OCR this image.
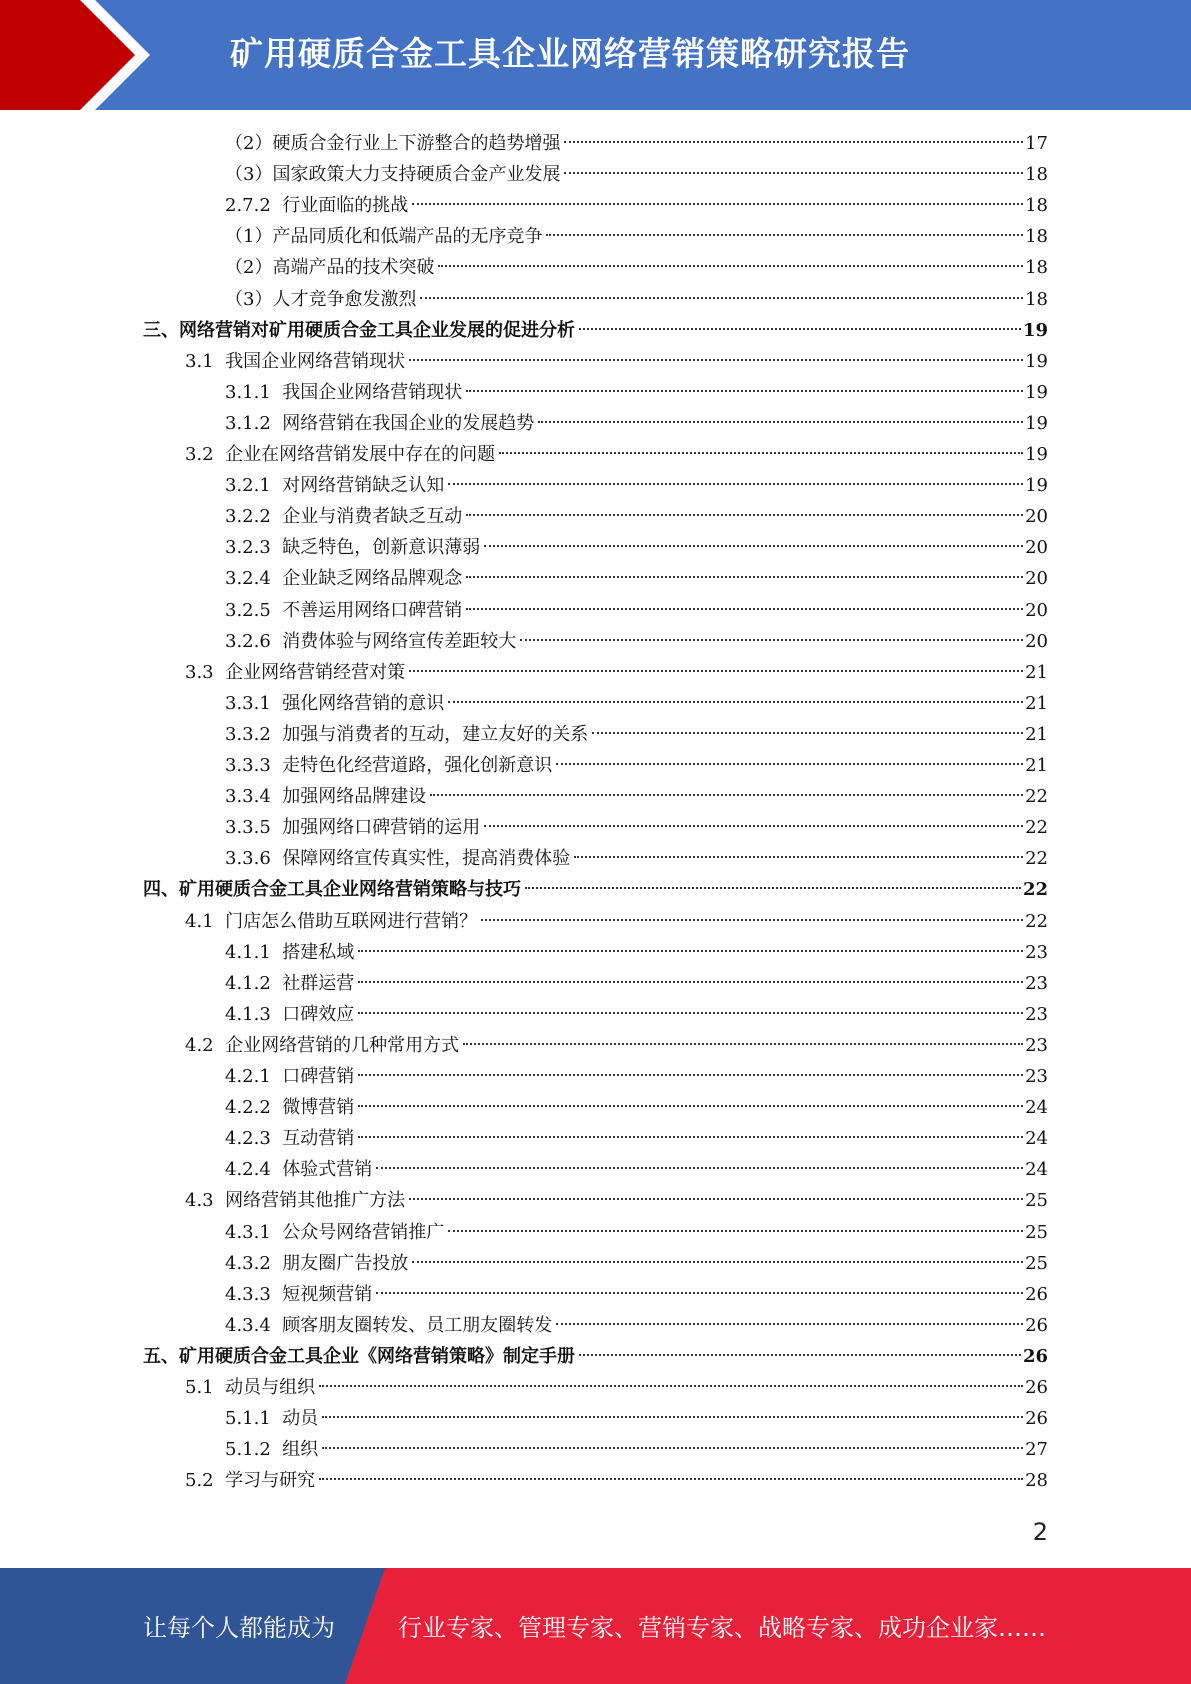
矿用硬质合金工具企业网络营销策略研究报告
（2） 硬质合金行业上下游整合的趋势增强	17
（3） 国家政策大力支持硬质合金产业发展	18
2.7.2 行业面临的挑战	18
（1） 产品同质化和低端产品的无序竞争	18
（2） 高端产品的技术突破	18
（3） 人才竞争愈发激烈	18
三、 网络营销对矿用硬质合金工具企业发展的促进分析	19
3.1 我国企业网络营销现状	19
3.1.1 我国企业网络营销现状	19
3.1.2 网络营销在我国企业的发展趋势	19
3.2 企业在网络营销发展中存在的问题	19
3.2.1 对网络营销缺乏认知	19
3.2.2 企业与消费者缺乏互动	20
3.2.3 缺乏特色，创新意识薄弱	20
3.2.4 企业缺乏网络品牌观念	20
3.2.5 不善运用网络口碑营销	20
3.2.6 消费体验与网络宣传差距较大	20
3.3 企业网络营销经营对策	21
3.3.1 强化网络营销的意识	21
3.3.2 加强与消费者的互动，建立友好的关系	21
3.3.3 走特色化经营道路，强化创新意识	21
3.3.4 加强网络品牌建设	22
3.3.5 加强网络口碑营销的运用	22
3.3.6 保障网络宣传真实性，提高消费体验	22
四、 矿用硬质合金工具企业网络营销策略与技巧	22
4.1 门店怎么借助互联网进行营销？	22
4.1.1 搭建私域	23
4.1.2 社群运营	23
4.1.3 口碑效应	23
4.2 企业网络营销的几种常用方式	23
4.2.1 口碑营销	23
4.2.2 微博营销	24
4.2.3 互动营销	24
4.2.4 体验式营销	24
4.3 网络营销其他推广方法	25
4.3.1 公众号网络营销推广	25
4.3.2 朋友圈广告投放	25
4.3.3 短视频营销	26
4.3.4 顾客朋友圈转发、员工朋友圈转发	26
五、 矿用硬质合金工具企业《网络营销策略》制定手册	26
5.1 动员与组织	26
5.1.1 动员	26
5.1.2 组织	27
5.2 学习与研究	28
2
让每个人都能成为	行业专家、管理专家、营销专家、战略专家、成功企业家……
